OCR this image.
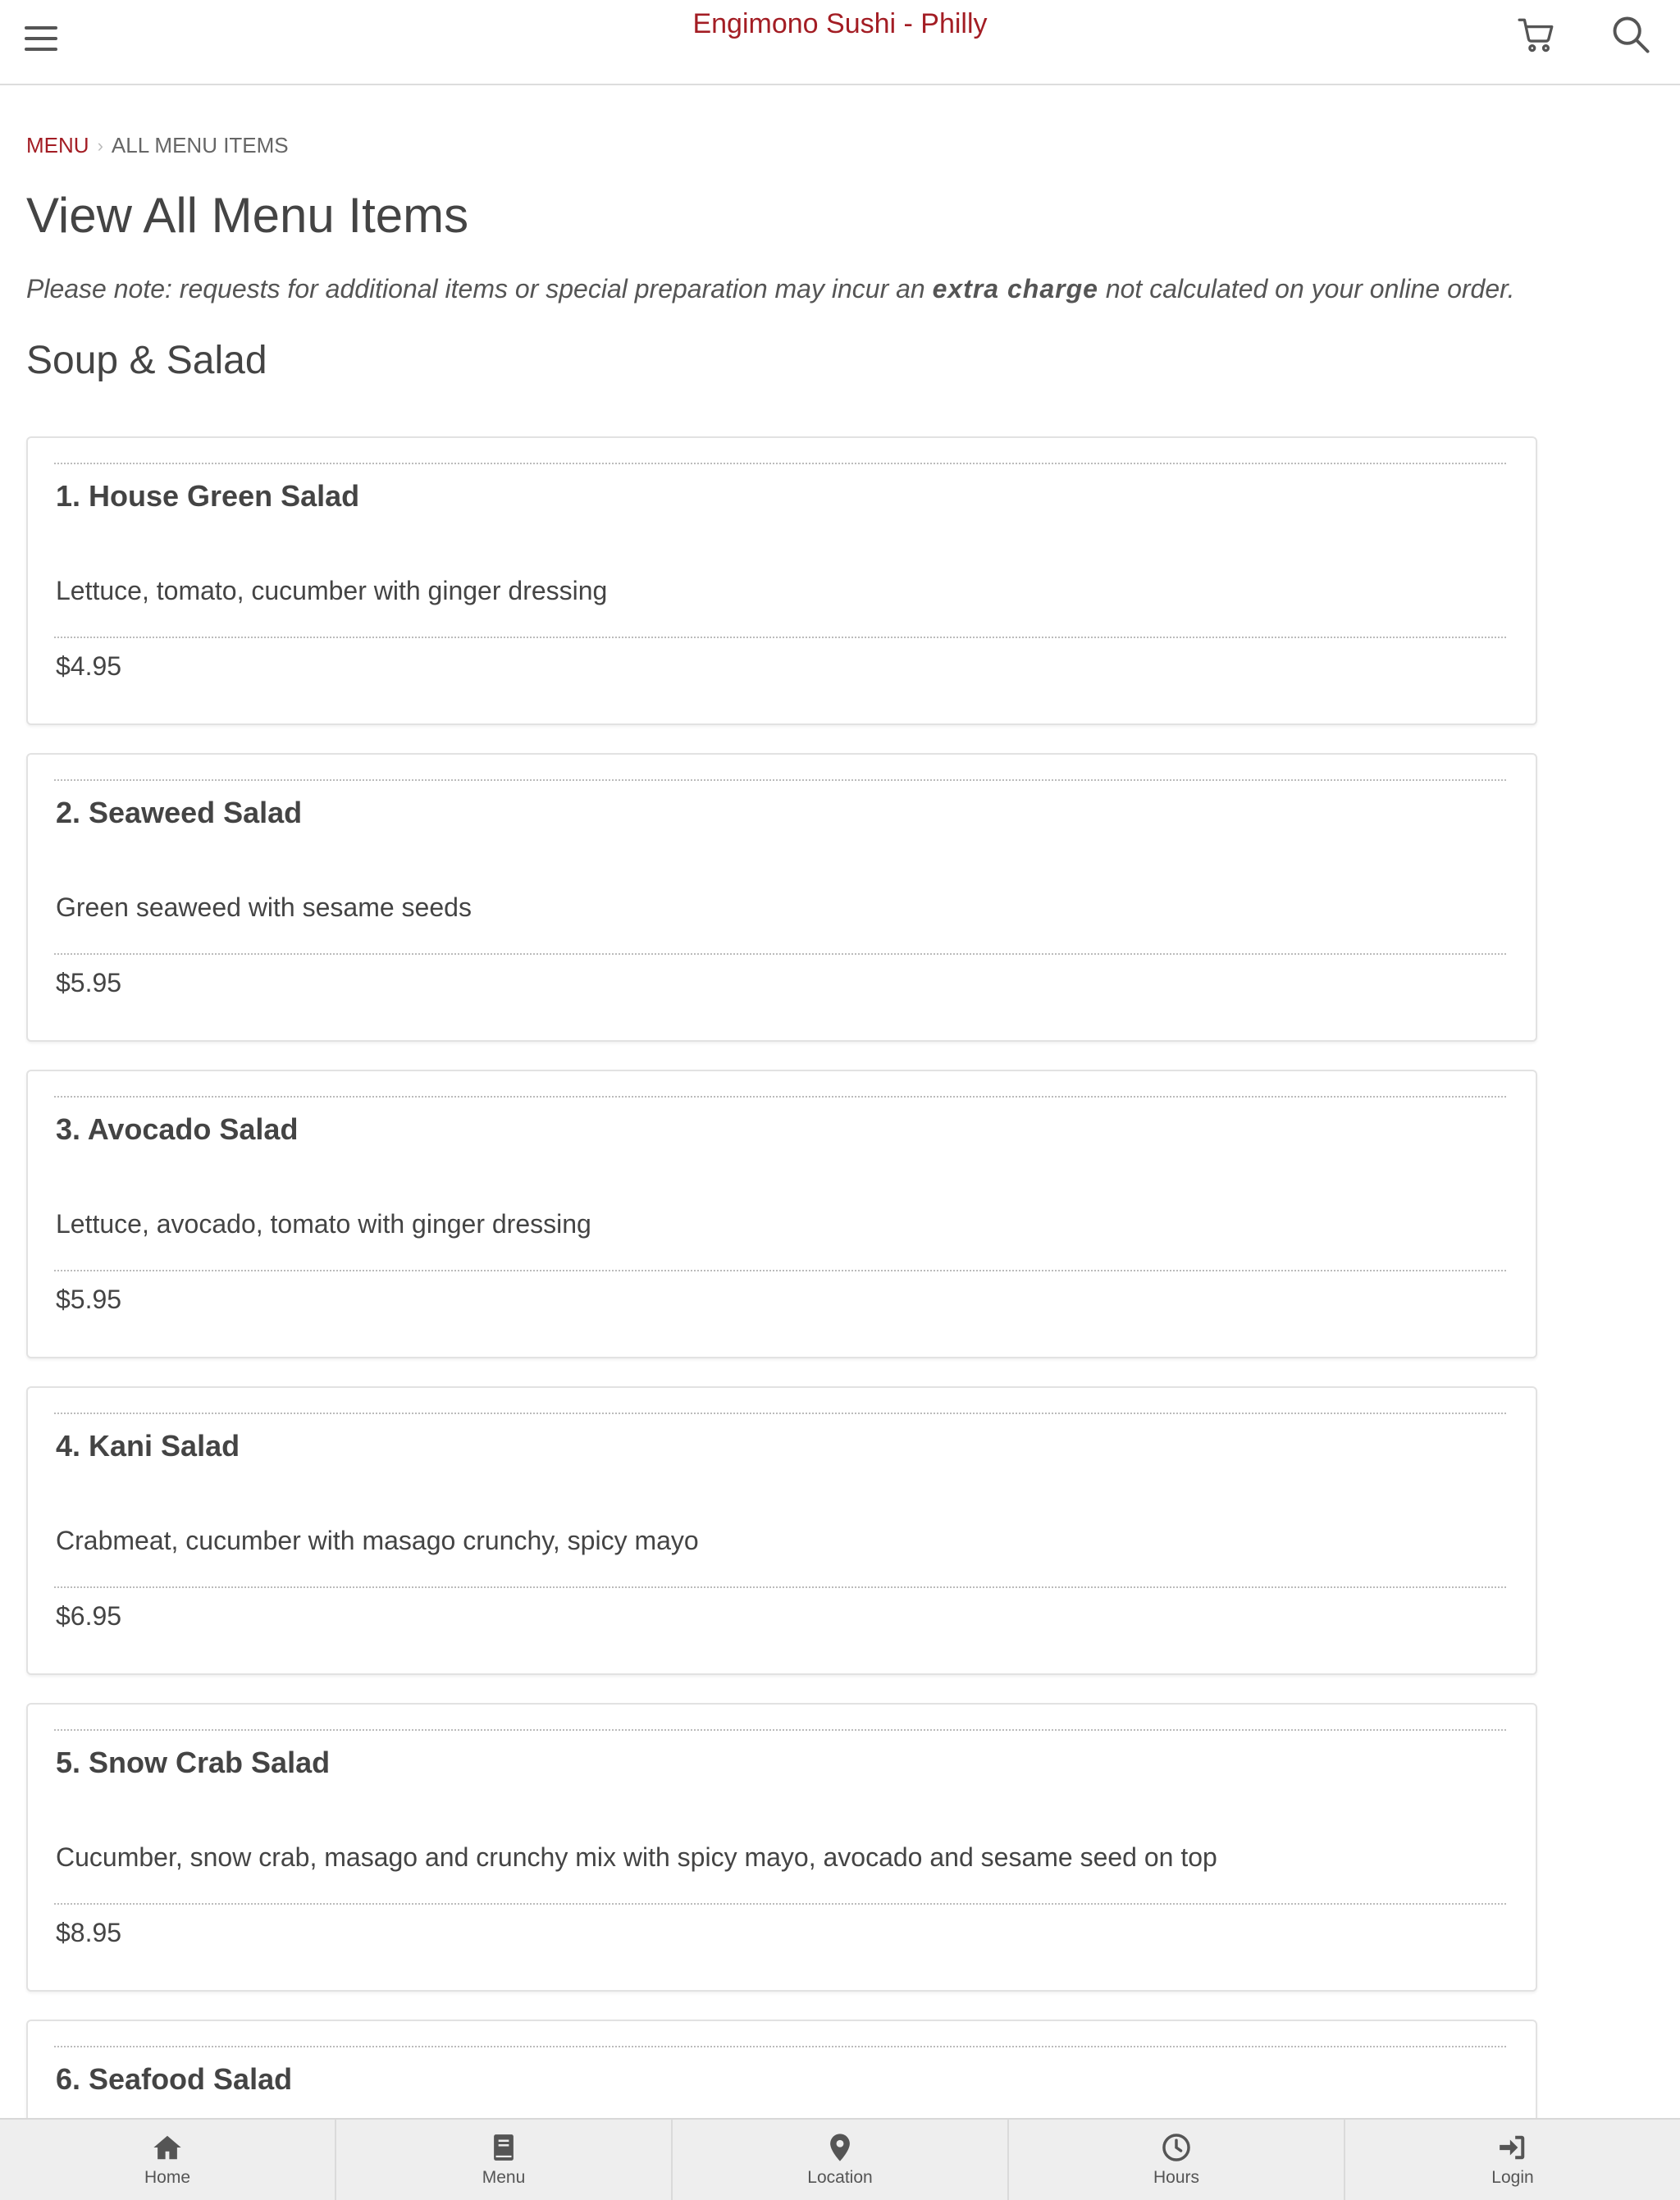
Engimono Sushi - Philly
MENU › ALL MENU ITEMS
View All Menu Items
Please note: requests for additional items or special preparation may incur an extra charge not calculated on your online order.
Soup & Salad
1. House Green Salad
Lettuce, tomato, cucumber with ginger dressing
$4.95
2. Seaweed Salad
Green seaweed with sesame seeds
$5.95
3. Avocado Salad
Lettuce, avocado, tomato with ginger dressing
$5.95
4. Kani Salad
Crabmeat, cucumber with masago crunchy, spicy mayo
$6.95
5. Snow Crab Salad
Cucumber, snow crab, masago and crunchy mix with spicy mayo, avocado and sesame seed on top
$8.95
6. Seafood Salad
Home	Menu	Location	Hours	Login
